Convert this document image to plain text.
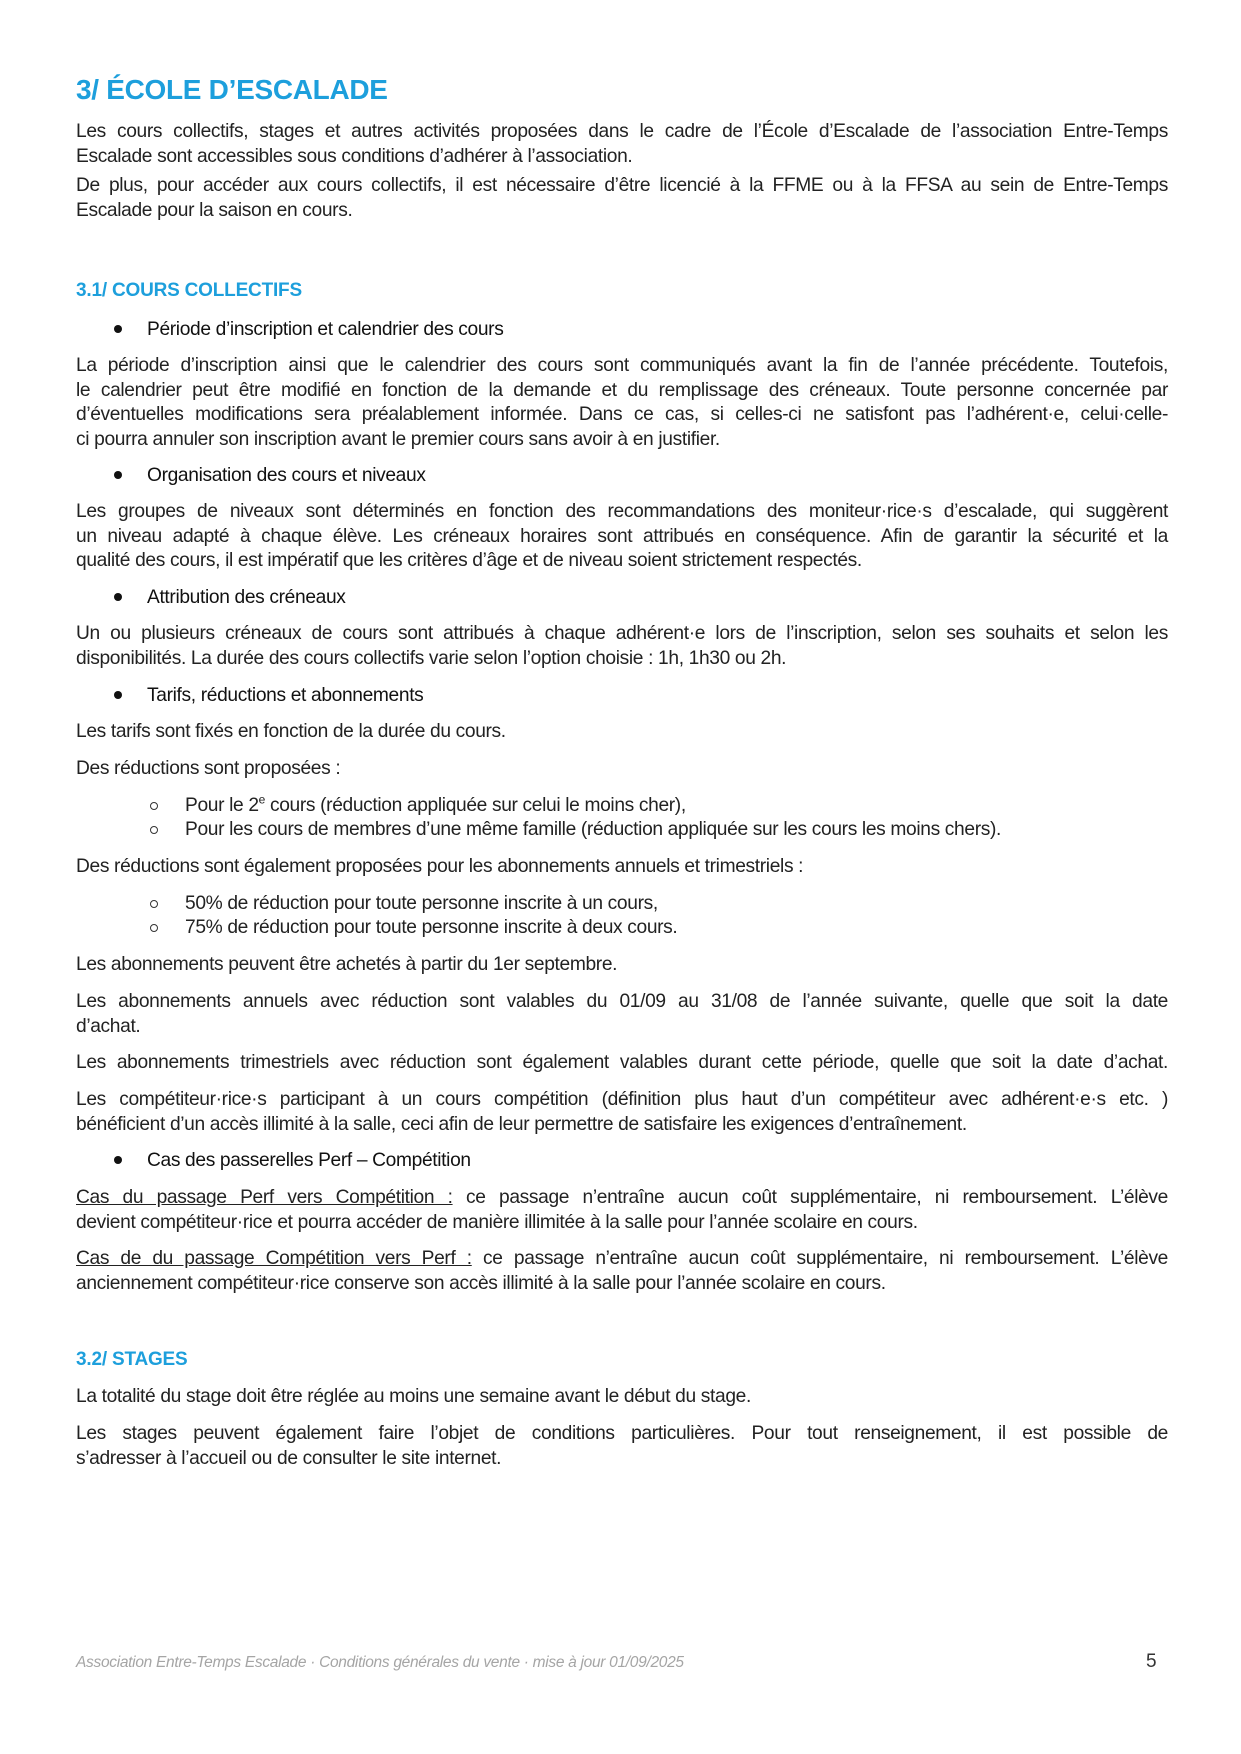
3/ ÉCOLE D’ESCALADE
Les cours collectifs, stages et autres activités proposées dans le cadre de l’École d’Escalade de l’association Entre-Temps
Escalade sont accessibles sous conditions d’adhérer à l’association.
De plus, pour accéder aux cours collectifs, il est nécessaire d’être licencié à la FFME ou à la FFSA au sein de Entre-Temps
Escalade pour la saison en cours.
3.1/ COURS COLLECTIFS
Période d’inscription et calendrier des cours
La période d’inscription ainsi que le calendrier des cours sont communiqués avant la fin de l’année précédente. Toutefois,
le calendrier peut être modifié en fonction de la demande et du remplissage des créneaux. Toute personne concernée par
d’éventuelles modifications sera préalablement informée. Dans ce cas, si celles-ci ne satisfont pas l’adhérent·e, celui·celle-
ci pourra annuler son inscription avant le premier cours sans avoir à en justifier.
Organisation des cours et niveaux
Les groupes de niveaux sont déterminés en fonction des recommandations des moniteur·rice·s d’escalade, qui suggèrent
un niveau adapté à chaque élève. Les créneaux horaires sont attribués en conséquence. Afin de garantir la sécurité et la
qualité des cours, il est impératif que les critères d’âge et de niveau soient strictement respectés.
Attribution des créneaux
Un ou plusieurs créneaux de cours sont attribués à chaque adhérent·e lors de l’inscription, selon ses souhaits et selon les
disponibilités. La durée des cours collectifs varie selon l’option choisie : 1h, 1h30 ou 2h.
Tarifs, réductions et abonnements
Les tarifs sont fixés en fonction de la durée du cours.
Des réductions sont proposées :
Pour le 2e cours (réduction appliquée sur celui le moins cher),
Pour les cours de membres d’une même famille (réduction appliquée sur les cours les moins chers).
Des réductions sont également proposées pour les abonnements annuels et trimestriels :
50% de réduction pour toute personne inscrite à un cours,
75% de réduction pour toute personne inscrite à deux cours.
Les abonnements peuvent être achetés à partir du 1er septembre.
Les abonnements annuels avec réduction sont valables du 01/09 au 31/08 de l’année suivante, quelle que soit la date
d’achat.
Les abonnements trimestriels avec réduction sont également valables durant cette période, quelle que soit la date d’achat.
Les compétiteur·rice·s participant à un cours compétition (définition plus haut d’un compétiteur avec adhérent·e·s etc. )
bénéficient d’un accès illimité à la salle, ceci afin de leur permettre de satisfaire les exigences d’entraînement.
Cas des passerelles Perf – Compétition
Cas du passage Perf vers Compétition : ce passage n’entraîne aucun coût supplémentaire, ni remboursement. L’élève
devient compétiteur·rice et pourra accéder de manière illimitée à la salle pour l’année scolaire en cours.
Cas de du passage Compétition vers Perf : ce passage n’entraîne aucun coût supplémentaire, ni remboursement. L’élève
anciennement compétiteur·rice conserve son accès illimité à la salle pour l’année scolaire en cours.
3.2/ STAGES
La totalité du stage doit être réglée au moins une semaine avant le début du stage.
Les stages peuvent également faire l’objet de conditions particulières. Pour tout renseignement, il est possible de
s’adresser à l’accueil ou de consulter le site internet.
Association Entre-Temps Escalade · Conditions générales du vente · mise à jour 01/09/2025	5
